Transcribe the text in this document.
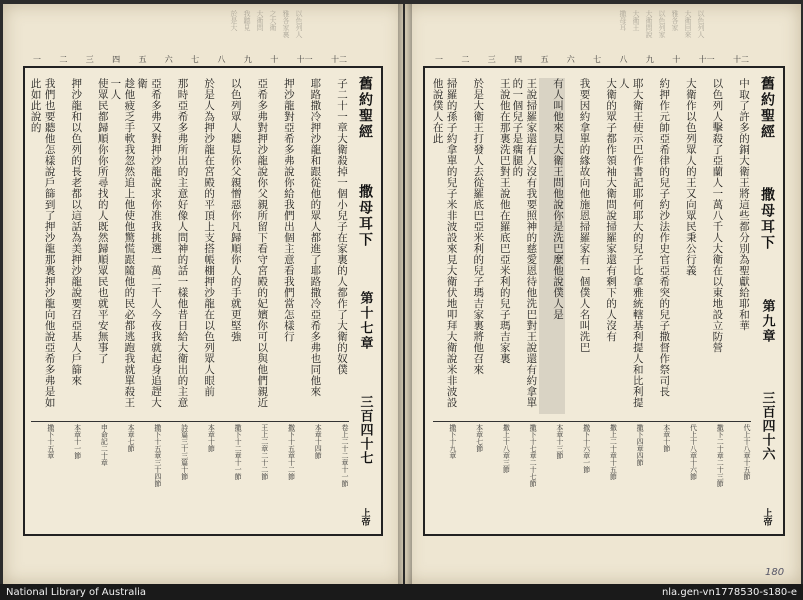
以色列人
雅各家裏
之大衛
大衛問
我聽見
於是大
十二
十一
十
九
八
七
六
五
四
三
二
一
舊約聖經
撒母耳下
第十七章
三百四十七
上帝
子二十一章大衛殺掉一個小兒子在家裏的人都作了大衛的奴僕
耶路撒冷押沙龍和跟從他的眾人都進了耶路撒冷亞希多弗也同他來
押沙龍對亞希多弗說你給我們出個主意看我們當怎樣行
亞希多弗對押沙龍說你父親所留下看守宮殿的妃嬪你可以與他們親近
以色列眾人聽見你父親憎惡你凡歸順你人的手就更堅強
於是人為押沙龍在宮殿的平頂上支搭帳棚押沙龍在以色列眾人眼前
那時亞希多弗所出的主意好像人問神的話一樣他昔日給大衛出的主意
亞希多弗又對押沙龍說求你准我挑選一萬二千人今夜我就起身追趕大衛
趁他疲乏手軟我忽然追上他使他驚慌跟隨他的民必都逃跑我就單殺王一人
使眾民都歸順你你所尋找的人既然歸順眾民也就平安無事了
押沙龍和以色列的長老都以這話為美押沙龍說要召亞基人戶篩來
我們也要聽他怎樣說戶篩到了押沙龍那裏押沙龍向他說亞希多弗是如此如此說的
卷上二十二章十一節
本章十四節
撒下十五章十二節
王上二章二十二節
撒下十二章十一節
本章十節
詩篇三十三篇十節
撒下十五章三十四節
本章七節
申命記二十章
本章十一節
撒下十五章
以色列人
大衛回來
雅各家
以色列家
大衛問說
大衛王
撒母耳
十二
十一
十
九
八
七
六
五
四
三
二
一
舊約聖經
撒母耳下
第九章
三百四十六
上帝
中取了許多的銅大衛王將這些都分別為聖獻給耶和華
以色列人擊殺了亞蘭人一萬八千人大衛在以東地設立防營
大衛作以色列眾人的王又向眾民秉公行義
約押作元帥亞希律的兒子約沙法作史官亞希突的兒子撒督作祭司長
耶大衛王使示巴作書記耶何耶大的兒子比拿雅統轄基利提人和比利提人
大衛的眾子都作領袖大衛問說掃羅家還有剩下的人沒有
我要因約拿單的緣故向他施恩掃羅家有一個僕人名叫洗巴
有人叫他來見大衛王問他說你是洗巴麼他說僕人是
王說掃羅家還有人沒有我要照神的慈愛恩待他洗巴對王說還有約拿單的一個兒子是瘸腿的
王說他在那裏洗巴對王說他在羅底巴亞米利的兒子瑪吉家裏
於是大衛王打發人去從羅底巴亞米利的兒子瑪吉家裏將他召來
掃羅的孫子約拿單的兒子米非波設來見大衛伏地叩拜大衛說米非波設他說僕人在此
代上十八章十五節
撒下二十章二十三節
代上十八章十六節
本章十節
撒下四章四節
撒上二十章十五節
撒下十六章一節
本章十三節
撒下十七章二十七節
撒上十八章三節
本章七節
撒下十九章
180
National Library of Australia	nla.gen-vn1778530-s180-e
